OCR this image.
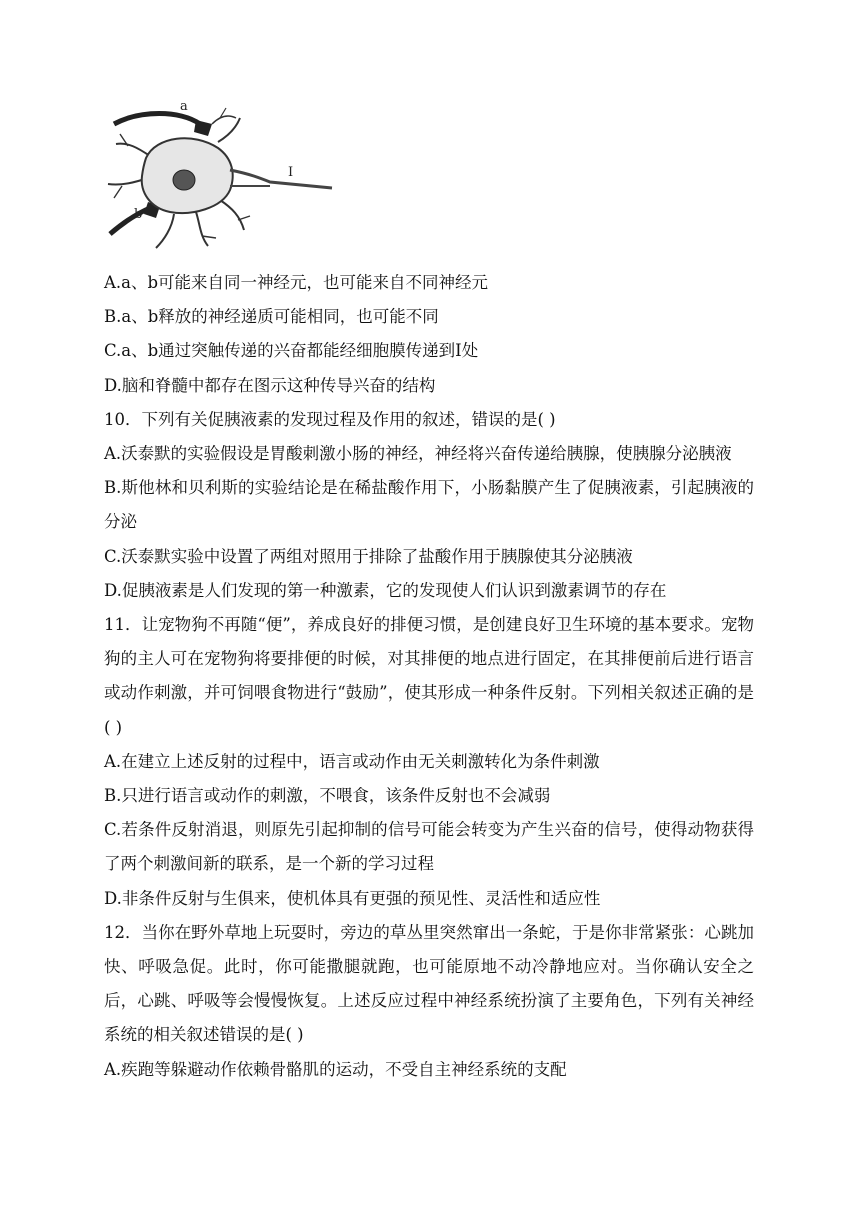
a
b
I
A.a、b可能来自同一神经元，也可能来自不同神经元
B.a、b释放的神经递质可能相同，也可能不同
C.a、b通过突触传递的兴奋都能经细胞膜传递到Ⅰ处
D.脑和脊髓中都存在图示这种传导兴奋的结构
10．下列有关促胰液素的发现过程及作用的叙述，错误的是( )
A.沃泰默的实验假设是胃酸刺激小肠的神经，神经将兴奋传递给胰腺，使胰腺分泌胰液
B.斯他林和贝利斯的实验结论是在稀盐酸作用下，小肠黏膜产生了促胰液素，引起胰液的分泌
C.沃泰默实验中设置了两组对照用于排除了盐酸作用于胰腺使其分泌胰液
D.促胰液素是人们发现的第一种激素，它的发现使人们认识到激素调节的存在
11．让宠物狗不再随“便”，养成良好的排便习惯，是创建良好卫生环境的基本要求。宠物狗的主人可在宠物狗将要排便的时候，对其排便的地点进行固定，在其排便前后进行语言或动作刺激，并可饲喂食物进行“鼓励”，使其形成一种条件反射。下列相关叙述正确的是( )
A.在建立上述反射的过程中，语言或动作由无关刺激转化为条件刺激
B.只进行语言或动作的刺激，不喂食，该条件反射也不会减弱
C.若条件反射消退，则原先引起抑制的信号可能会转变为产生兴奋的信号，使得动物获得了两个刺激间新的联系，是一个新的学习过程
D.非条件反射与生俱来，使机体具有更强的预见性、灵活性和适应性
12．当你在野外草地上玩耍时，旁边的草丛里突然窜出一条蛇，于是你非常紧张：心跳加快、呼吸急促。此时，你可能撒腿就跑，也可能原地不动冷静地应对。当你确认安全之后，心跳、呼吸等会慢慢恢复。上述反应过程中神经系统扮演了主要角色，下列有关神经系统的相关叙述错误的是( )
A.疾跑等躲避动作依赖骨骼肌的运动，不受自主神经系统的支配
